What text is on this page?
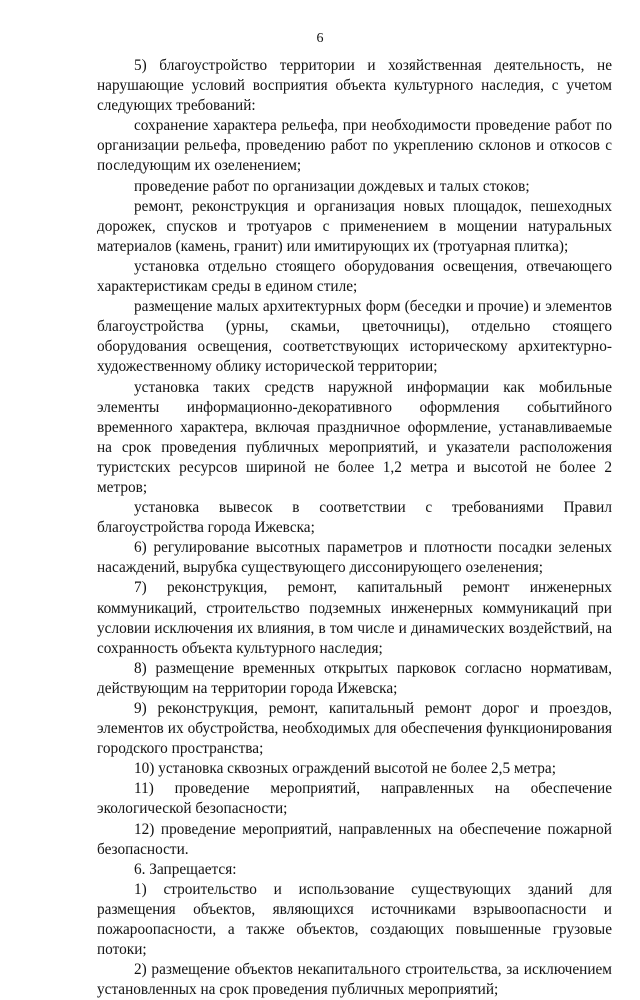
6

5) благоустройство территории и хозяйственная деятельность, не нарушающие условий восприятия объекта культурного наследия, с учетом следующих требований:

сохранение характера рельефа, при необходимости проведение работ по организации рельефа, проведению работ по укреплению склонов и откосов с последующим их озеленением;

проведение работ по организации дождевых и талых стоков;

ремонт, реконструкция и организация новых площадок, пешеходных дорожек, спусков и тротуаров с применением в мощении натуральных материалов (камень, гранит) или имитирующих их (тротуарная плитка);

установка отдельно стоящего оборудования освещения, отвечающего характеристикам среды в едином стиле;

размещение малых архитектурных форм (беседки и прочие) и элементов благоустройства (урны, скамьи, цветочницы), отдельно стоящего оборудования освещения, соответствующих историческому архитектурно-художественному облику исторической территории;

установка таких средств наружной информации как мобильные элементы информационно-декоративного оформления событийного временного характера, включая праздничное оформление, устанавливаемые на срок проведения публичных мероприятий, и указатели расположения туристских ресурсов шириной не более 1,2 метра и высотой не более 2 метров;

установка вывесок в соответствии с требованиями Правил благоустройства города Ижевска;

6) регулирование высотных параметров и плотности посадки зеленых насаждений, вырубка существующего диссонирующего озеленения;

7) реконструкция, ремонт, капитальный ремонт инженерных коммуникаций, строительство подземных инженерных коммуникаций при условии исключения их влияния, в том числе и динамических воздействий, на сохранность объекта культурного наследия;

8) размещение временных открытых парковок согласно нормативам, действующим на территории города Ижевска;

9) реконструкция, ремонт, капитальный ремонт дорог и проездов, элементов их обустройства, необходимых для обеспечения функционирования городского пространства;

10) установка сквозных ограждений высотой не более 2,5 метра;

11) проведение мероприятий, направленных на обеспечение экологической безопасности;

12) проведение мероприятий, направленных на обеспечение пожарной безопасности.

6. Запрещается:

1) строительство и использование существующих зданий для размещения объектов, являющихся источниками взрывоопасности и пожароопасности, а также объектов, создающих повышенные грузовые потоки;

2) размещение объектов некапитального строительства, за исключением установленных на срок проведения публичных мероприятий;
